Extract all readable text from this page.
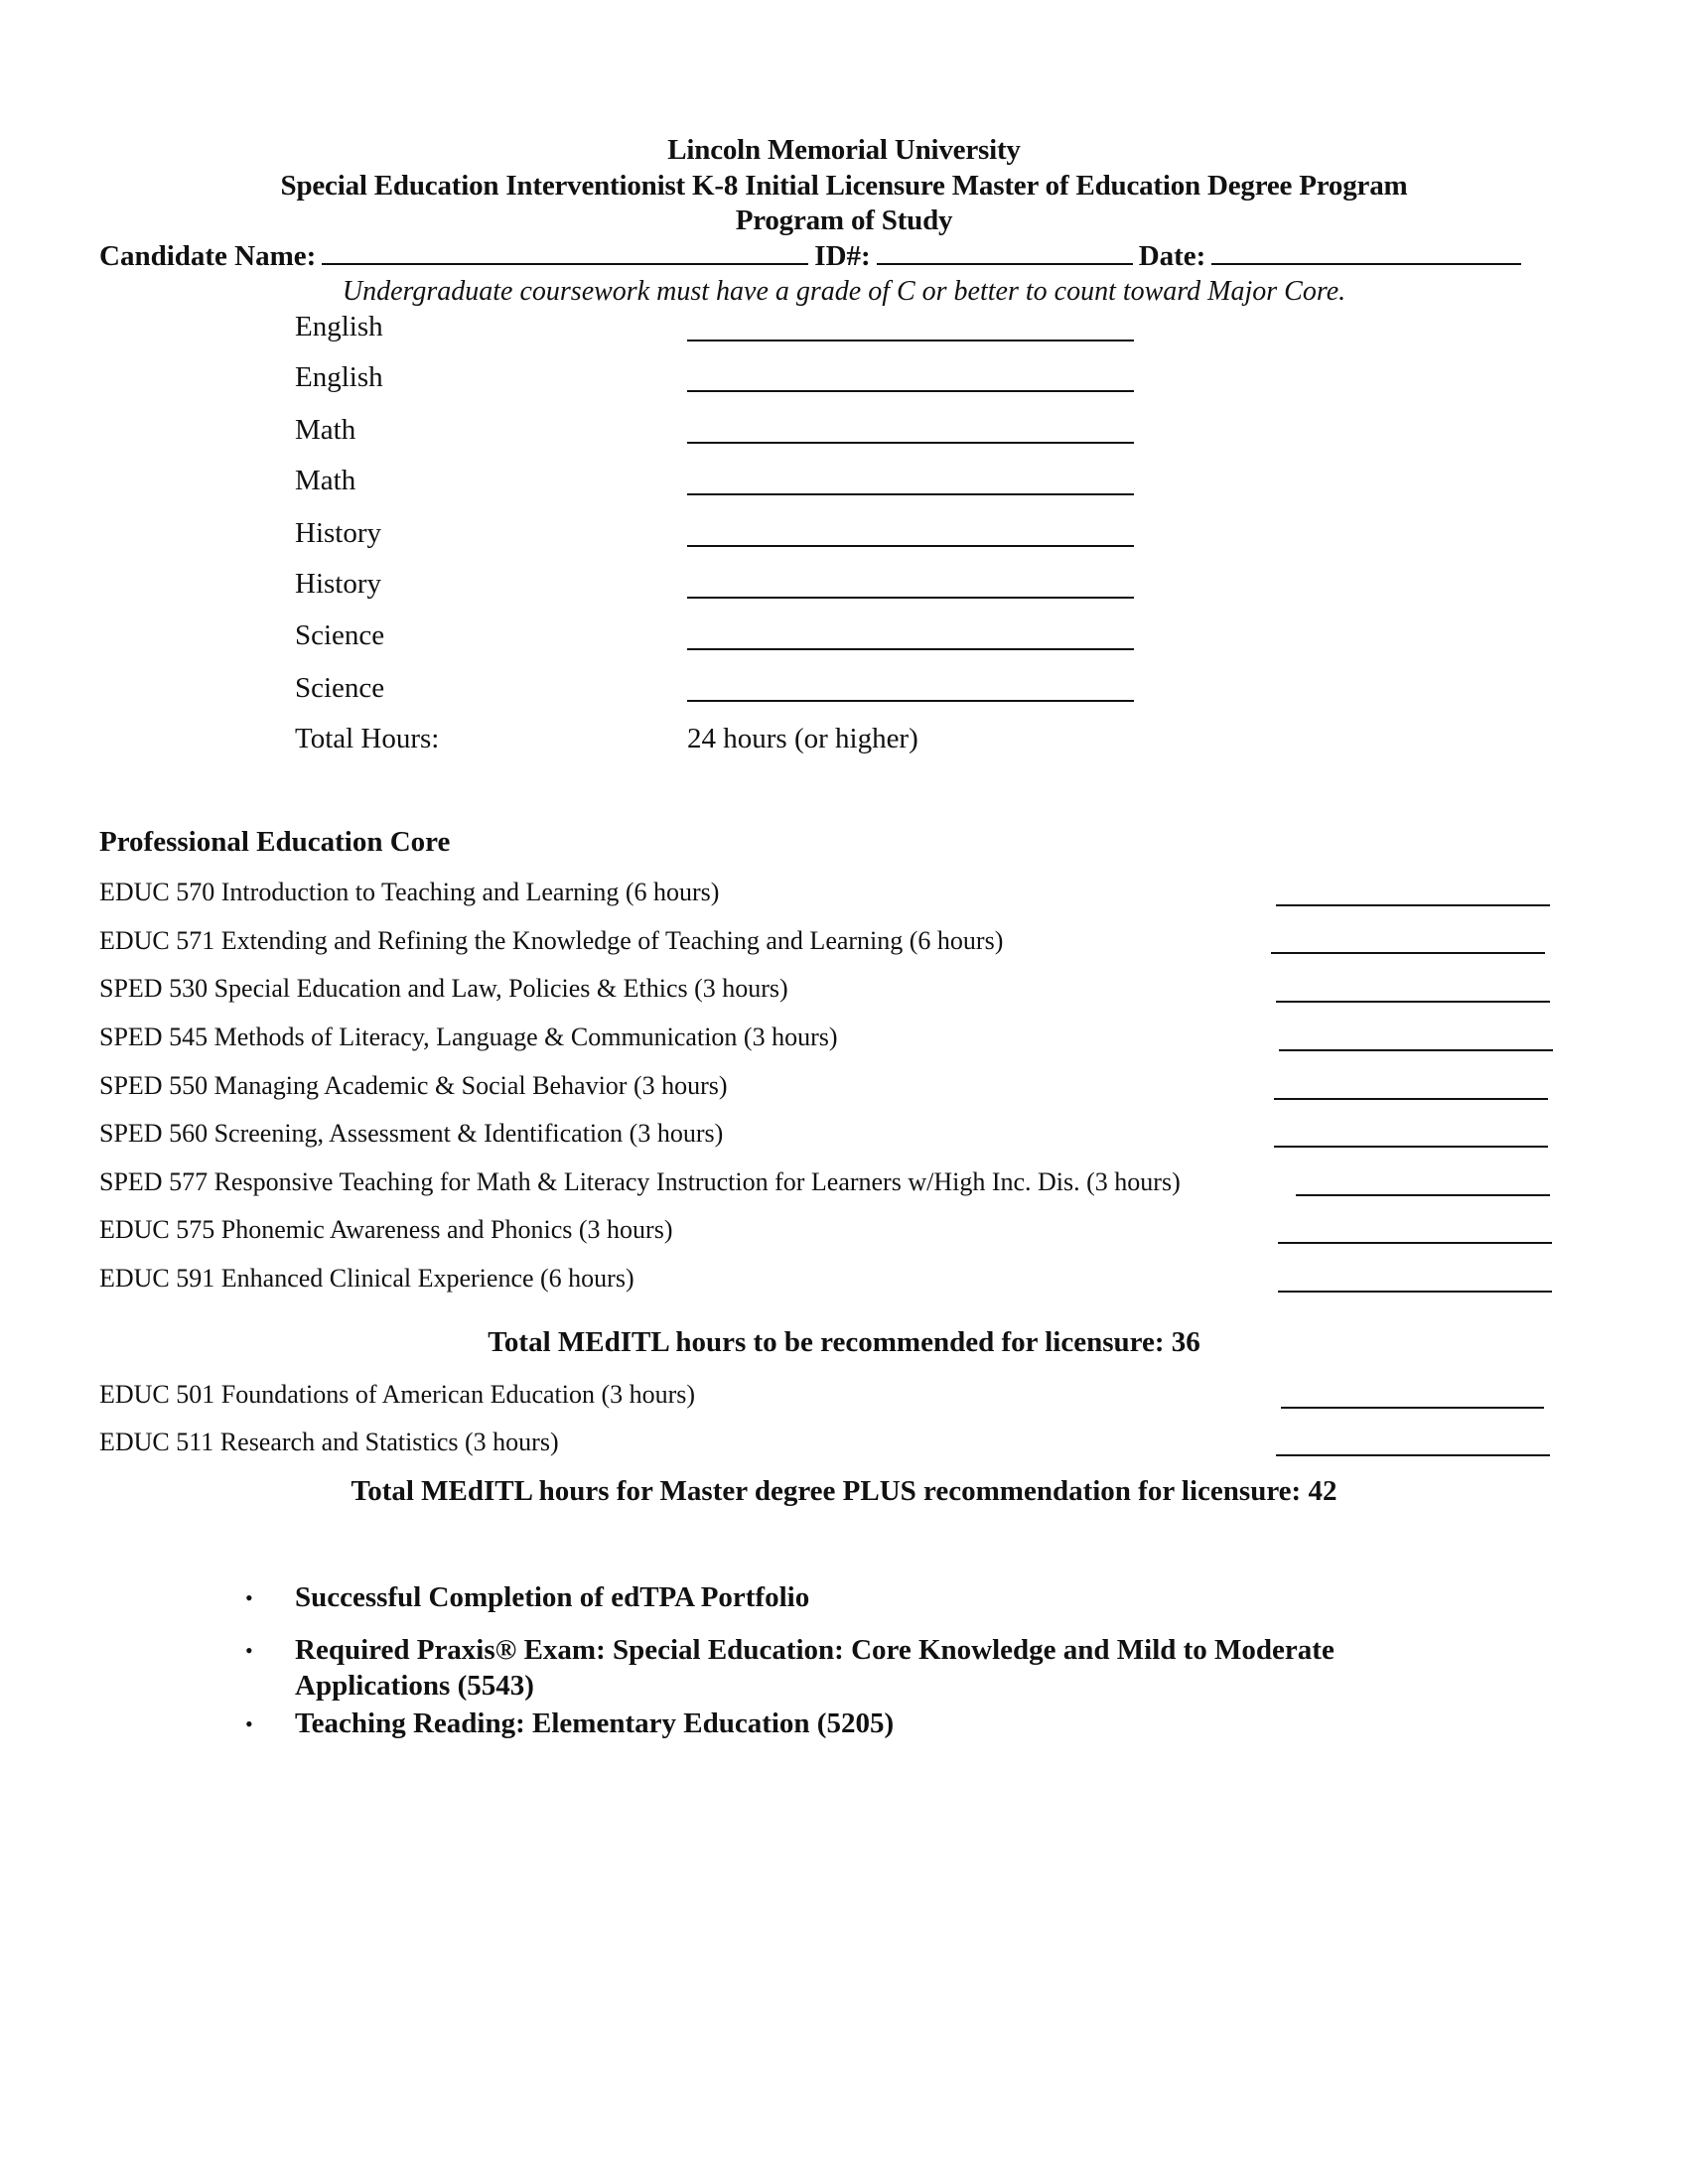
Lincoln Memorial University
Special Education Interventionist K-8 Initial Licensure Master of Education Degree Program
Program of Study
Candidate Name:	ID#:	Date:
Undergraduate coursework must have a grade of C or better to count toward Major Core.
English
English
Math
Math
History
History
Science
Science
Total Hours:	24 hours (or higher)
Professional Education Core
EDUC 570 Introduction to Teaching and Learning (6 hours)
EDUC 571 Extending and Refining the Knowledge of Teaching and Learning (6 hours)
SPED 530 Special Education and Law, Policies & Ethics (3 hours)
SPED 545 Methods of Literacy, Language & Communication (3 hours)
SPED 550 Managing Academic & Social Behavior (3 hours)
SPED 560 Screening, Assessment & Identification (3 hours)
SPED 577 Responsive Teaching for Math & Literacy Instruction for Learners w/High Inc. Dis. (3 hours)
EDUC 575 Phonemic Awareness and Phonics (3 hours)
EDUC 591 Enhanced Clinical Experience (6 hours)
Total MEdITL hours to be recommended for licensure: 36
EDUC 501 Foundations of American Education (3 hours)
EDUC 511 Research and Statistics (3 hours)
Total MEdITL hours for Master degree PLUS recommendation for licensure: 42
• Successful Completion of edTPA Portfolio
• Required Praxis® Exam: Special Education: Core Knowledge and Mild to Moderate
Applications (5543)
• Teaching Reading: Elementary Education (5205)
